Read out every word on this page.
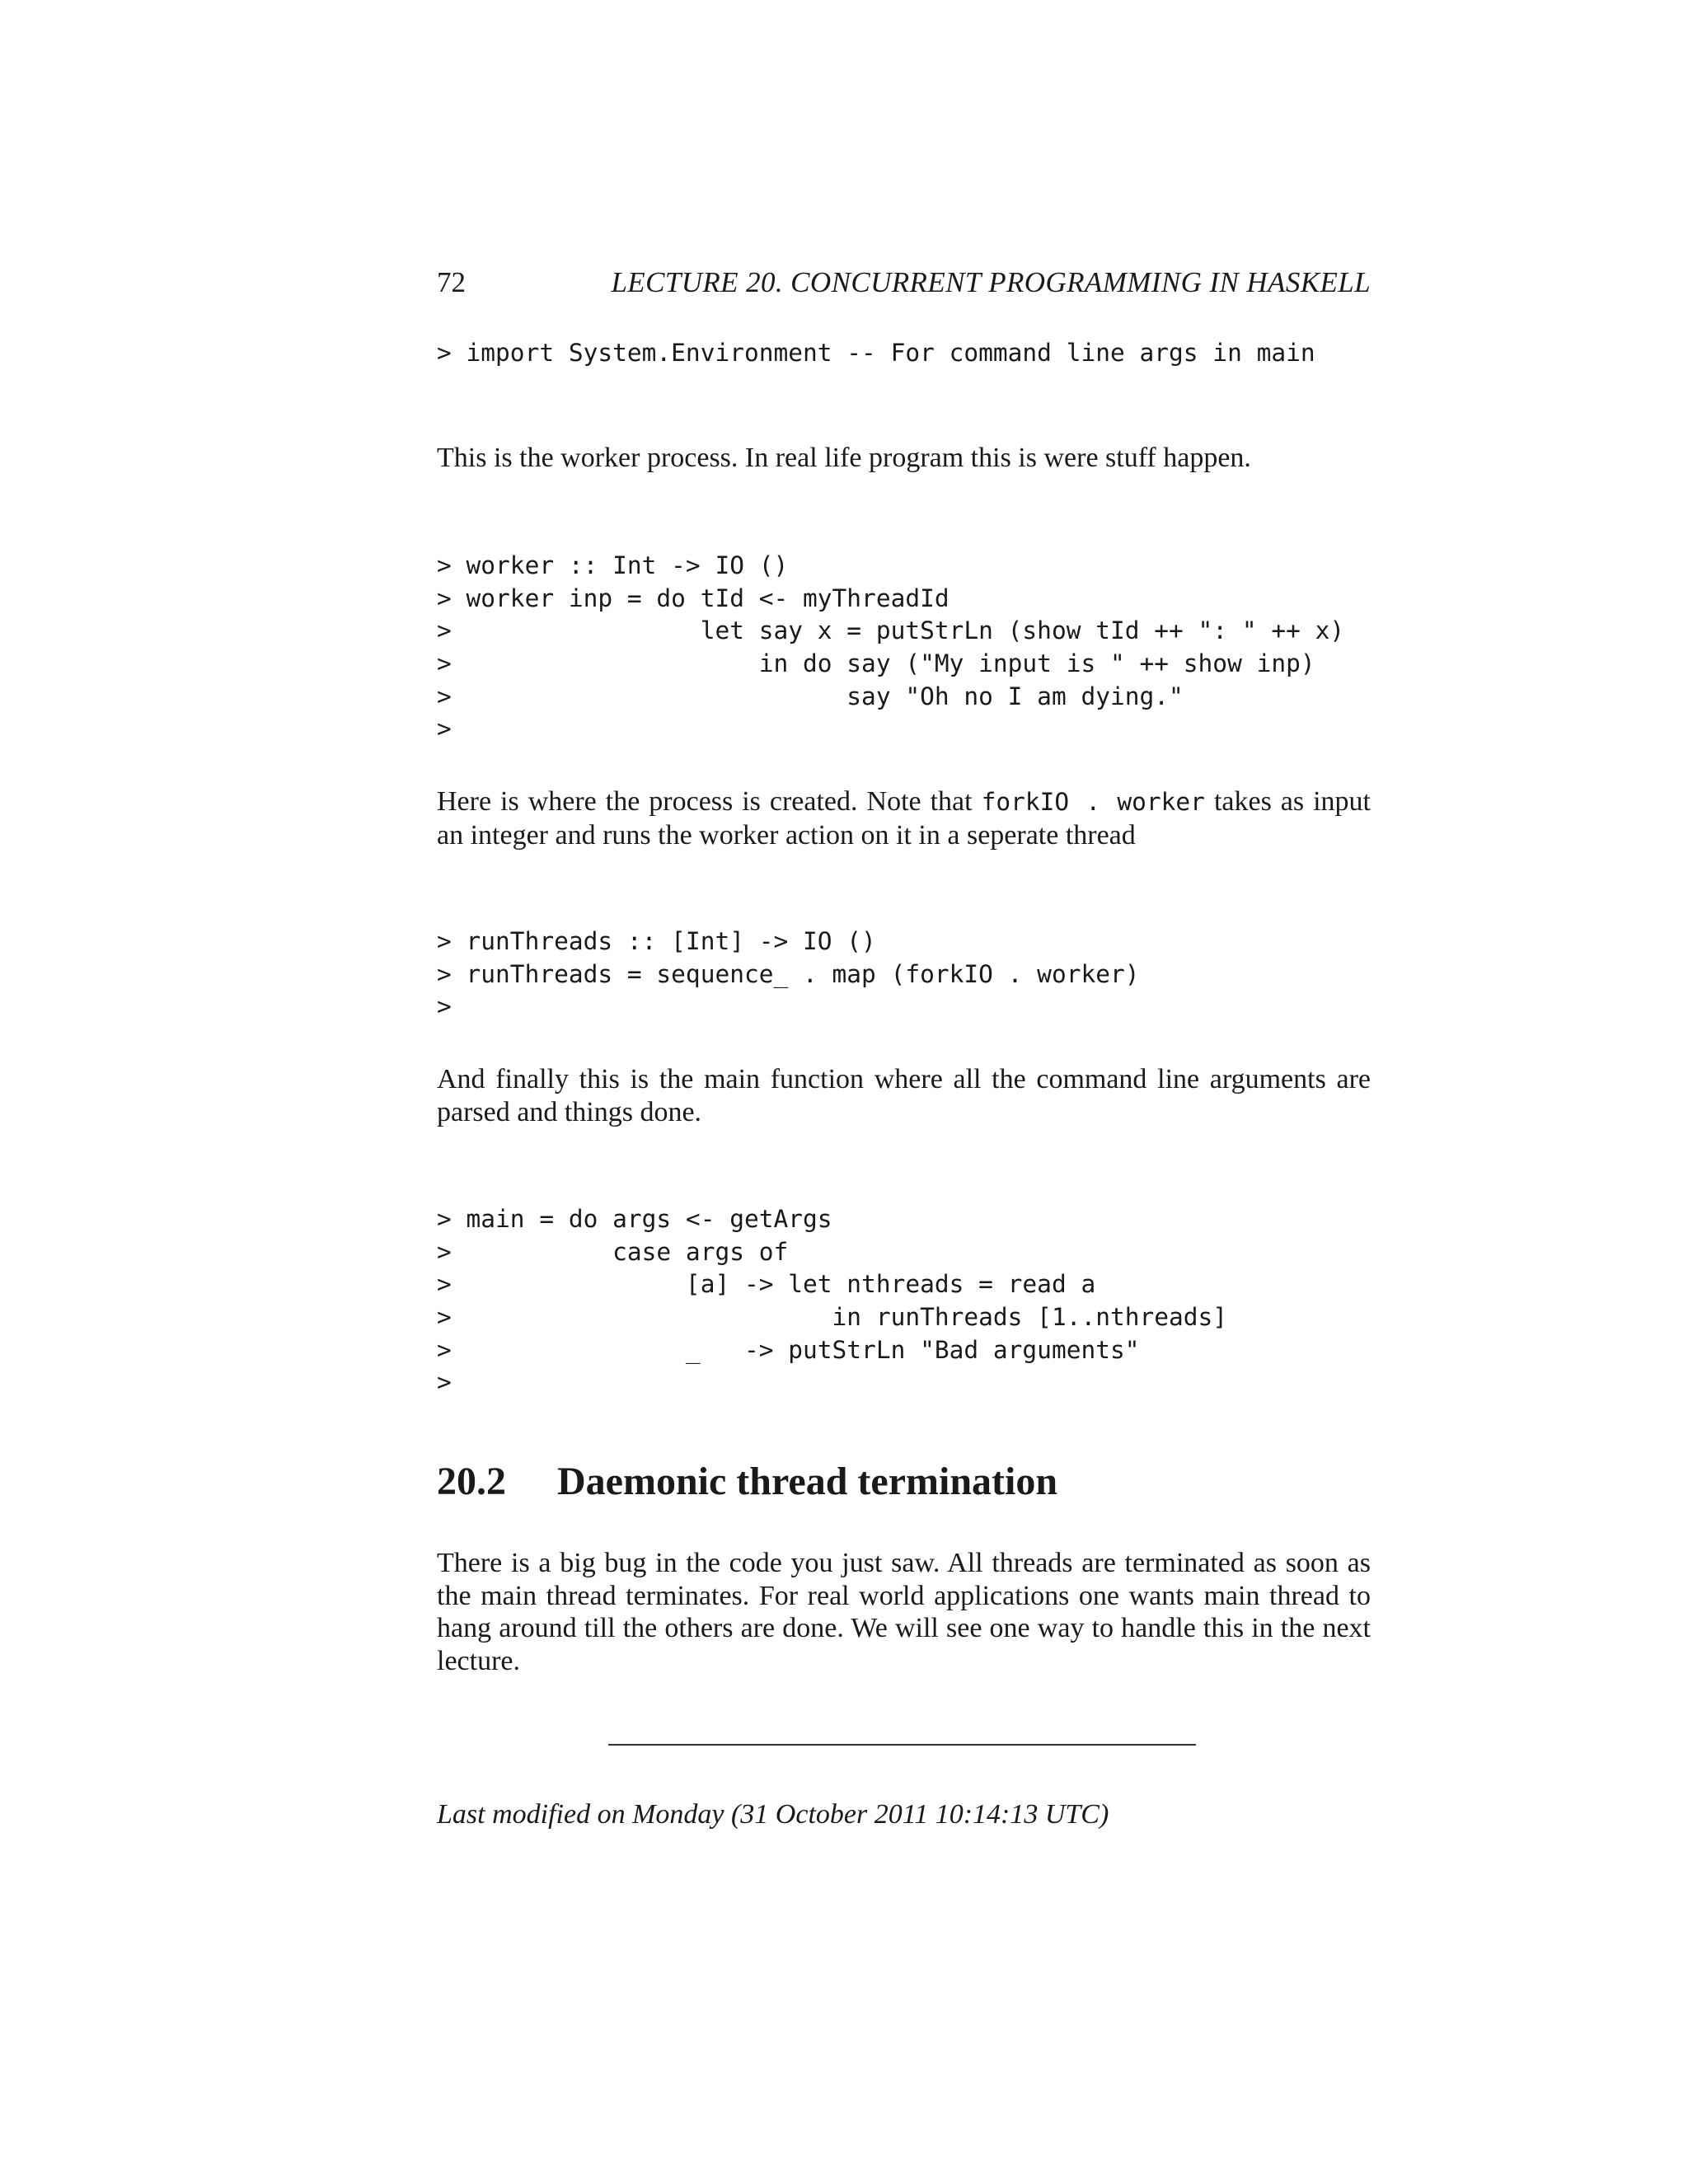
72	LECTURE 20. CONCURRENT PROGRAMMING IN HASKELL
> import System.Environment -- For command line args in main

This is the worker process. In real life program this is were stuff happen.

> worker :: Int -> IO ()
> worker inp = do tId <- myThreadId
>                 let say x = putStrLn (show tId ++ ": " ++ x)
>                     in do say ("My input is " ++ show inp)
>                           say "Oh no I am dying."
>

Here is where the process is created. Note that forkIO . worker takes as input an integer and runs the worker action on it in a seperate thread

> runThreads :: [Int] -> IO ()
> runThreads = sequence_ . map (forkIO . worker)
>

And finally this is the main function where all the command line arguments are parsed and things done.

> main = do args <- getArgs
>           case args of
>                [a] -> let nthreads = read a
>                          in runThreads [1..nthreads]
>                _   -> putStrLn "Bad arguments"
>
20.2 Daemonic thread termination

There is a big bug in the code you just saw. All threads are terminated as soon as the main thread terminates. For real world applications one wants main thread to hang around till the others are done. We will see one way to handle this in the next lecture.

Last modified on Monday (31 October 2011 10:14:13 UTC)
